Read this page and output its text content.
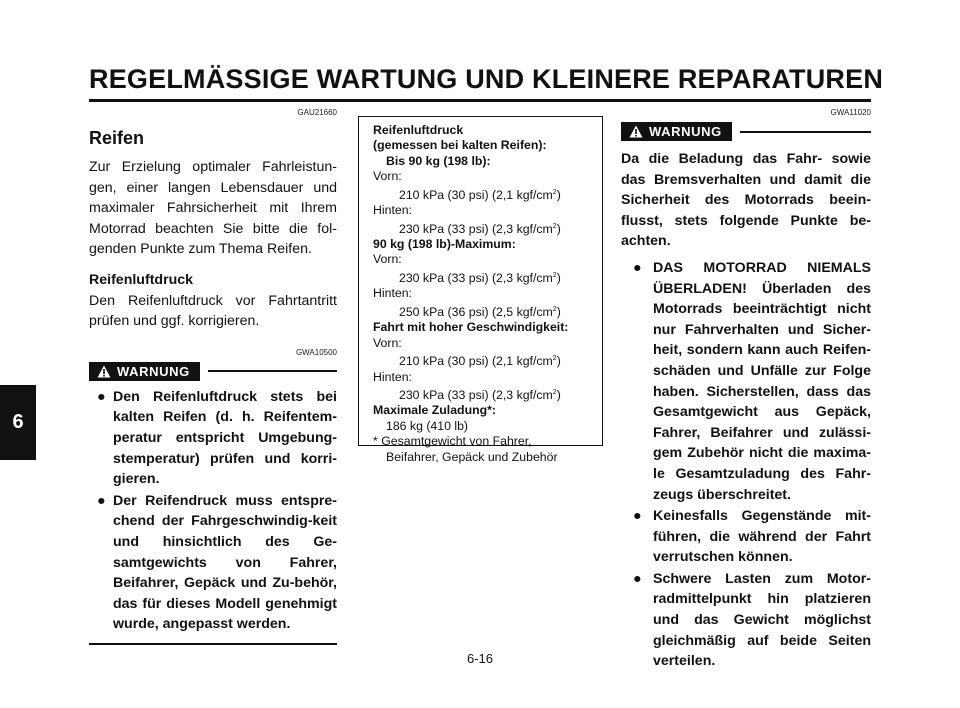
REGELMÄSSIGE WARTUNG UND KLEINERE REPARATUREN
6
GAU21660
Reifen

Zur Erzielung optimaler Fahrleistun-gen, einer langen Lebensdauer und maximaler Fahrsicherheit mit Ihrem Motorrad beachten Sie bitte die fol-genden Punkte zum Thema Reifen.

Reifenluftdruck

Den Reifenluftdruck vor Fahrtantritt prüfen und ggf. korrigieren.

GWA10500
WARNUNG
● Den Reifenluftdruck stets bei kalten Reifen (d. h. Reifentem-peratur entspricht Umgebung-stemperatur) prüfen und korri-gieren.
● Der Reifendruck muss entspre-chend der Fahrgeschwindig-keit und hinsichtlich des Ge-samtgewichts von Fahrer, Beifahrer, Gepäck und Zu-behör, das für dieses Modell genehmigt wurde, angepasst werden.
Reifenluftdruck
(gemessen bei kalten Reifen):
Bis 90 kg (198 lb):
Vorn:
210 kPa (30 psi) (2,1 kgf/$cm^2$)
Hinten:
230 kPa (33 psi) (2,3 kgf/$cm^2$)
90 kg (198 lb)-Maximum:
Vorn:
230 kPa (33 psi) (2,3 kgf/$cm^2$)
Hinten:
250 kPa (36 psi) (2,5 kgf/$cm^2$)
Fahrt mit hoher Geschwindigkeit:
Vorn:
210 kPa (30 psi) (2,1 kgf/$cm^2$)
Hinten:
230 kPa (33 psi) (2,3 kgf/$cm^2$)
Maximale Zuladung*:
186 kg (410 lb)
* Gesamtgewicht von Fahrer,
Beifahrer, Gepäck und Zubehör
GWA11020
WARNUNG

Da die Beladung das Fahr- sowie das Bremsverhalten und damit die Sicherheit des Motorrads beein-flusst, stets folgende Punkte be-achten.

● DAS MOTORRAD NIEMALS ÜBERLADEN! Überladen des Motorrads beeinträchtigt nicht nur Fahrverhalten und Sicher-heit, sondern kann auch Reifen-schäden und Unfälle zur Folge haben. Sicherstellen, dass das Gesamtgewicht aus Gepäck, Fahrer, Beifahrer und zulässi-gem Zubehör nicht die maxima-le Gesamtzuladung des Fahr-zeugs überschreitet.
● Keinesfalls Gegenstände mit-führen, die während der Fahrt verrutschen können.
● Schwere Lasten zum Motor-radmittelpunkt hin platzieren und das Gewicht möglichst gleichmäßig auf beide Seiten verteilen.
6-16
